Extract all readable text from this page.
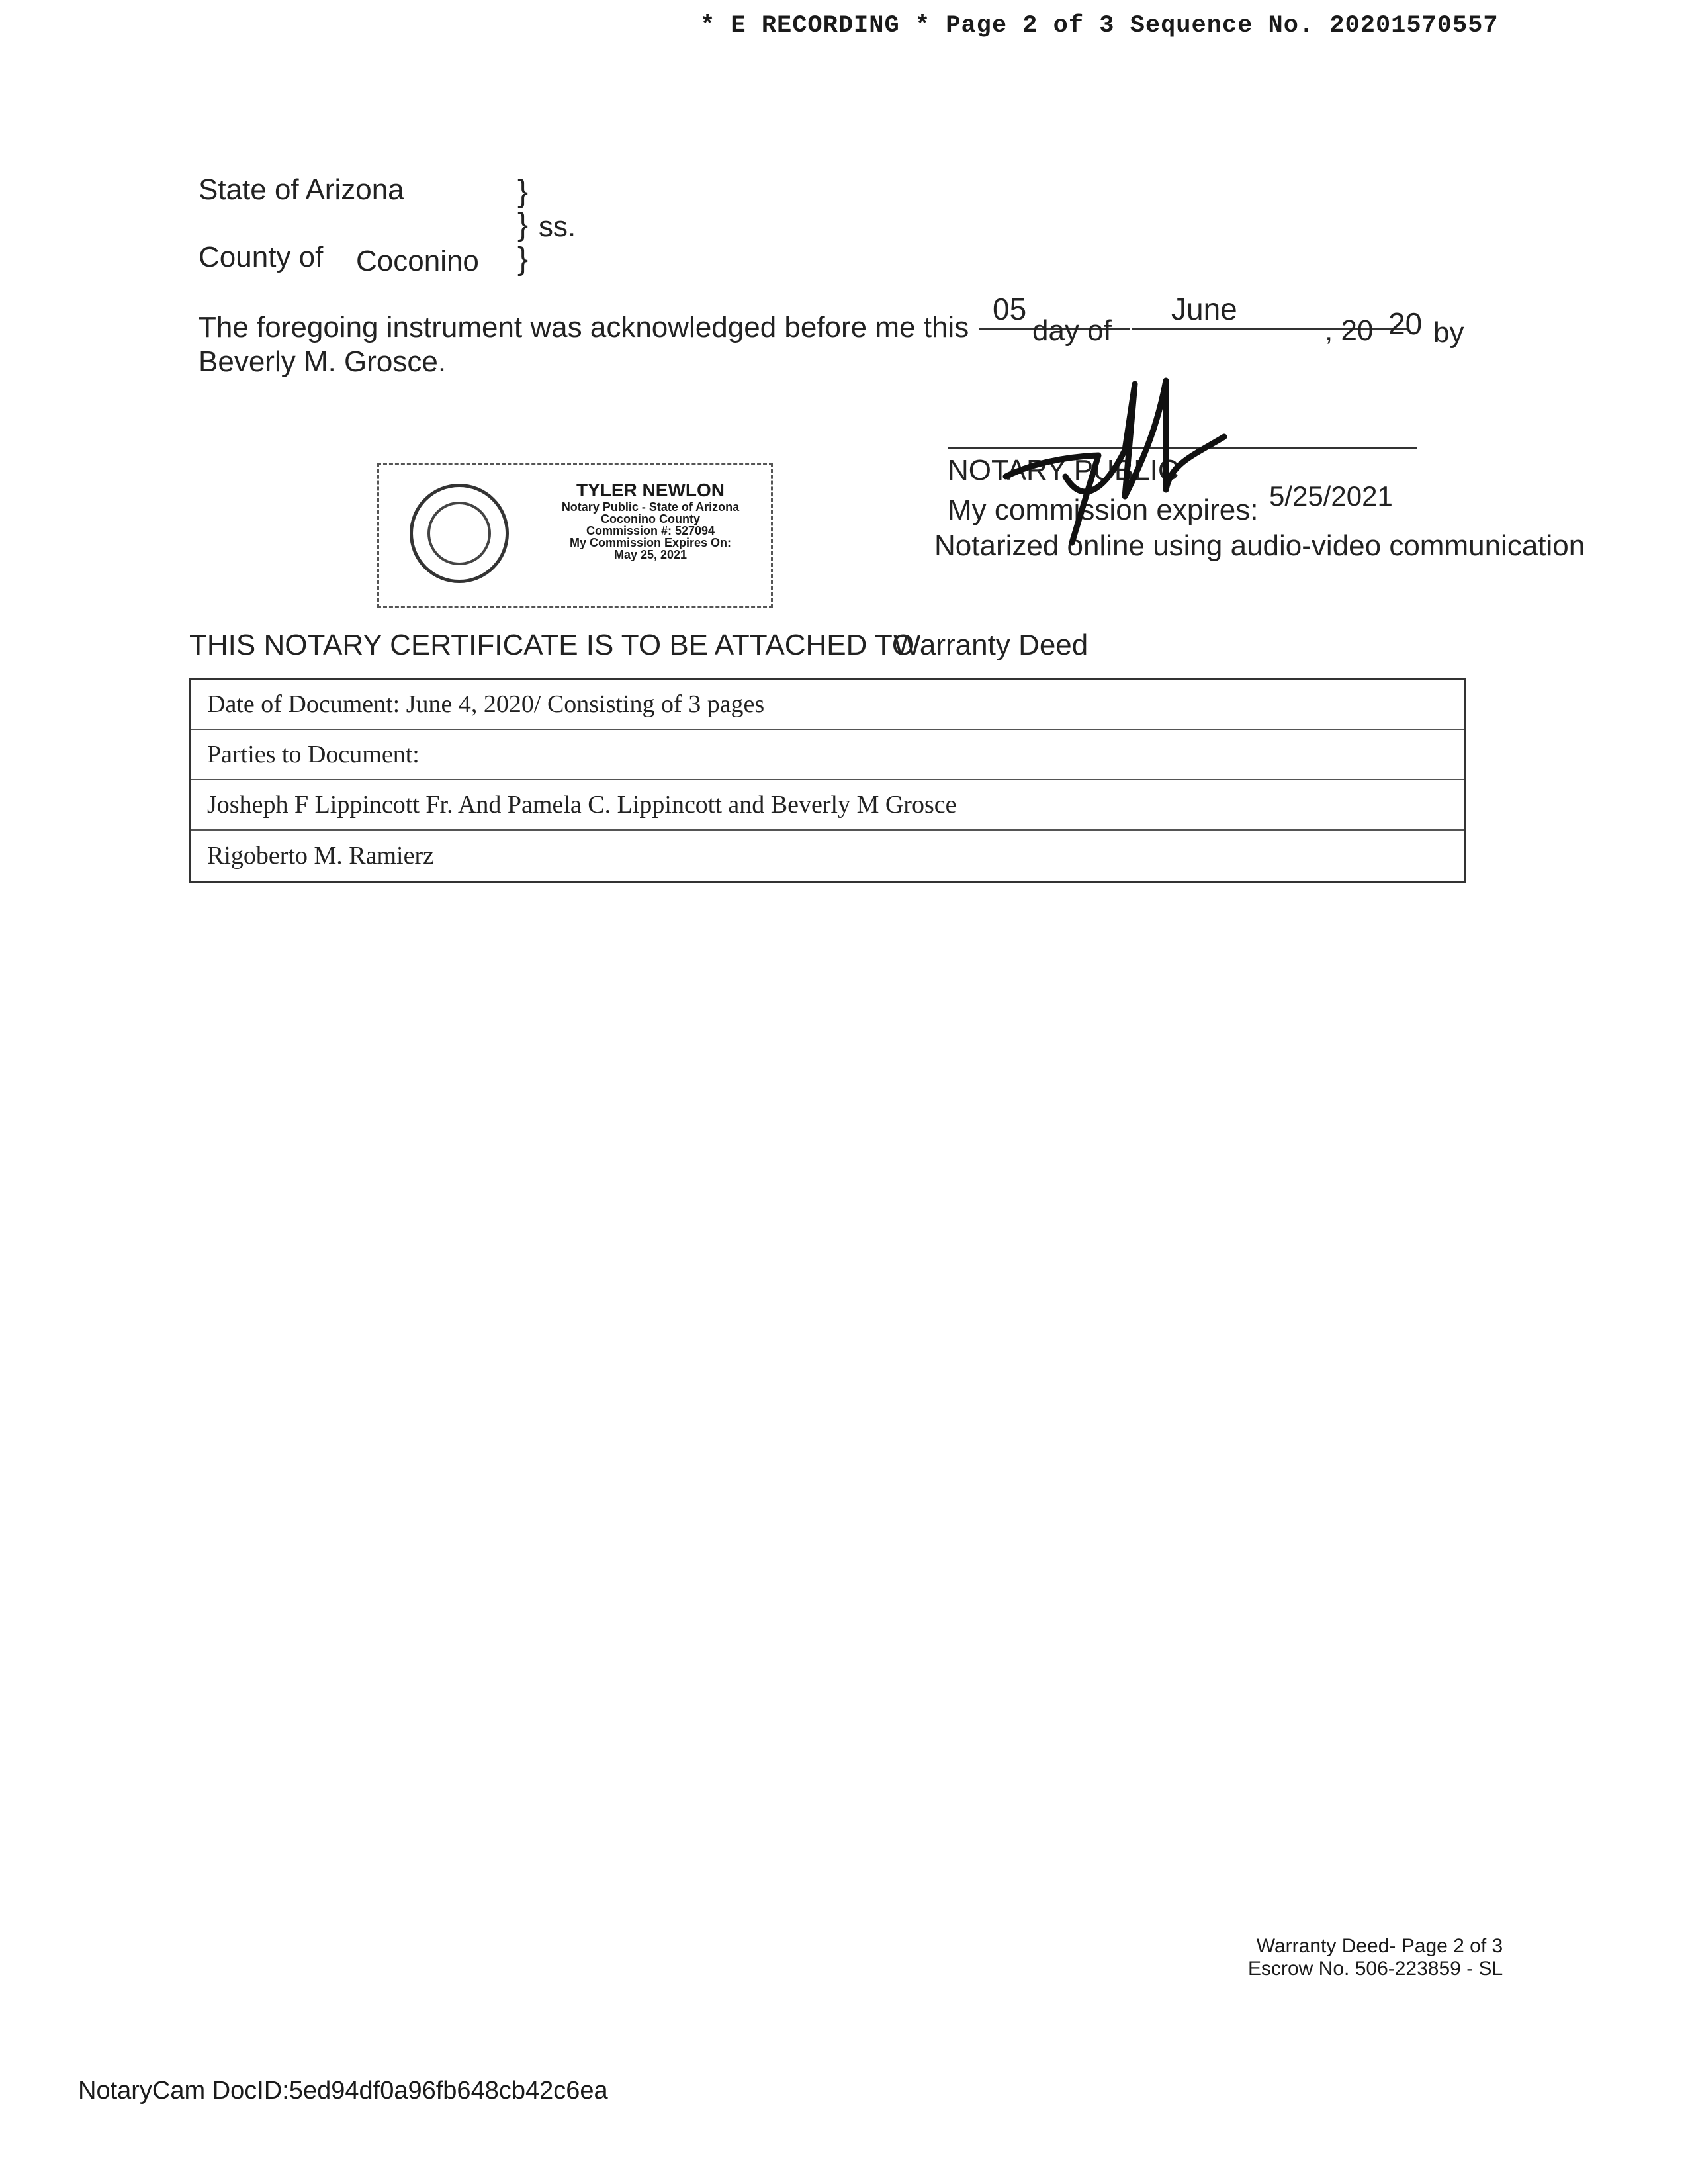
* E RECORDING * Page 2 of 3 Sequence No. 20201570557
State of Arizona	}
} ss.
County of Coconino }
The foregoing instrument was acknowledged before me this
05
day of
June
, 20 20 by
Beverly M. Grosce.
TYLER NEWLON
Notary Public - State of Arizona
Coconino County
Commission #: 527094
My Commission Expires On:
May 25, 2021
NOTARY PUBLIC
My commission expires: 5/25/2021
Notarized online using audio-video communication
THIS NOTARY CERTIFICATE IS TO BE ATTACHED TO
Warranty Deed
Date of Document: June 4, 2020/ Consisting of 3 pages
Parties to Document:
Josheph F Lippincott Fr. And Pamela C. Lippincott and Beverly M Grosce
Rigoberto M. Ramierz
Warranty Deed- Page 2 of 3
Escrow No. 506-223859 - SL
NotaryCam DocID:5ed94df0a96fb648cb42c6ea
